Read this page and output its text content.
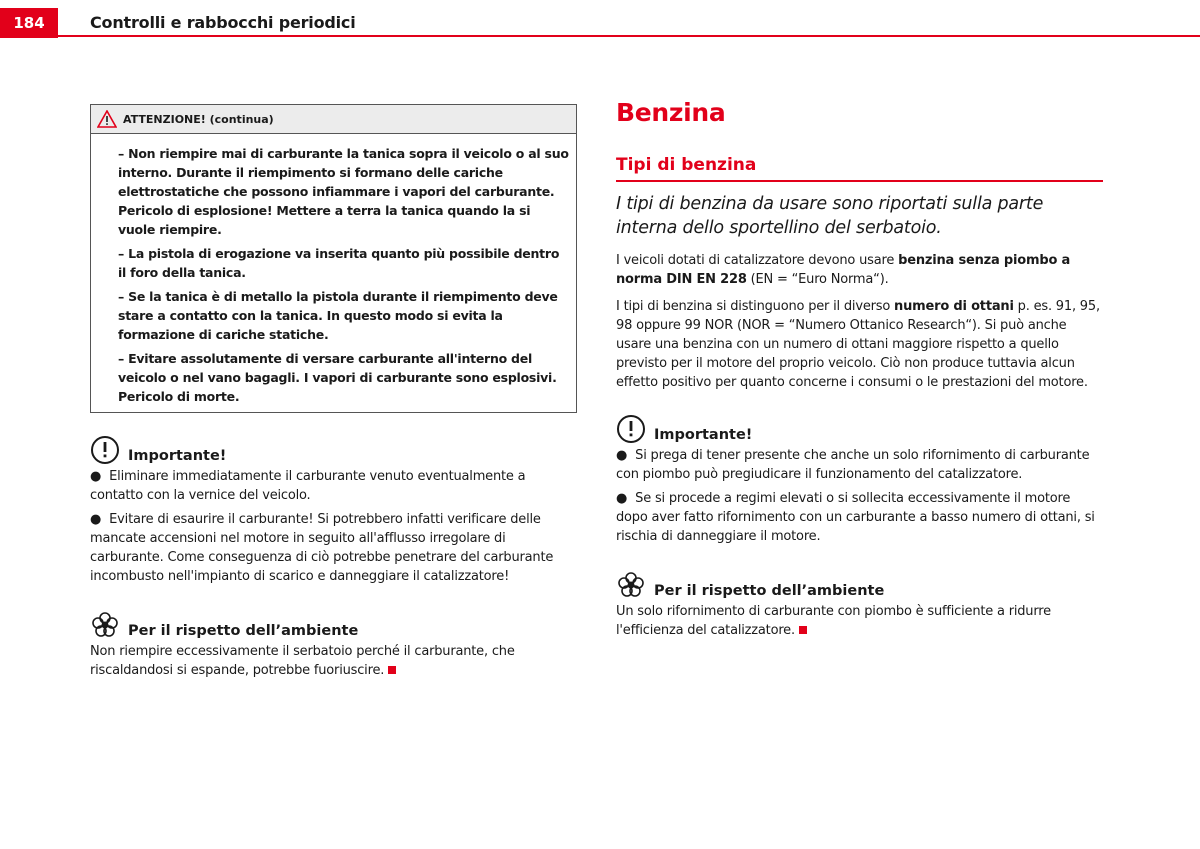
184	Controlli e rabbocchi periodici
ATTENZIONE! (continua)
– Non riempire mai di carburante la tanica sopra il veicolo o al suo interno. Durante il riempimento si formano delle cariche elettrostatiche che possono infiammare i vapori del carburante. Pericolo di esplosione! Mettere a terra la tanica quando la si vuole riempire.
– La pistola di erogazione va inserita quanto più possibile dentro il foro della tanica.
– Se la tanica è di metallo la pistola durante il riempimento deve stare a contatto con la tanica. In questo modo si evita la formazione di cariche statiche.
– Evitare assolutamente di versare carburante all'interno del veicolo o nel vano bagagli. I vapori di carburante sono esplosivi. Pericolo di morte.
Importante!
● Eliminare immediatamente il carburante venuto eventualmente a contatto con la vernice del veicolo.
● Evitare di esaurire il carburante! Si potrebbero infatti verificare delle mancate accensioni nel motore in seguito all'afflusso irregolare di carburante. Come conseguenza di ciò potrebbe penetrare del carburante incombusto nell'impianto di scarico e danneggiare il catalizzatore!
Per il rispetto dell’ambiente
Non riempire eccessivamente il serbatoio perché il carburante, che riscaldandosi si espande, potrebbe fuoriuscire.
Benzina
Tipi di benzina
I tipi di benzina da usare sono riportati sulla parte interna dello sportellino del serbatoio.
I veicoli dotati di catalizzatore devono usare benzina senza piombo a norma DIN EN 228 (EN = “Euro Norma“).
I tipi di benzina si distinguono per il diverso numero di ottani p. es. 91, 95, 98 oppure 99 NOR (NOR = “Numero Ottanico Research“). Si può anche usare una benzina con un numero di ottani maggiore rispetto a quello previsto per il motore del proprio veicolo. Ciò non produce tuttavia alcun effetto positivo per quanto concerne i consumi o le prestazioni del motore.
Importante!
● Si prega di tener presente che anche un solo rifornimento di carburante con piombo può pregiudicare il funzionamento del catalizzatore.
● Se si procede a regimi elevati o si sollecita eccessivamente il motore dopo aver fatto rifornimento con un carburante a basso numero di ottani, si rischia di danneggiare il motore.
Per il rispetto dell’ambiente
Un solo rifornimento di carburante con piombo è sufficiente a ridurre l'efficienza del catalizzatore.
